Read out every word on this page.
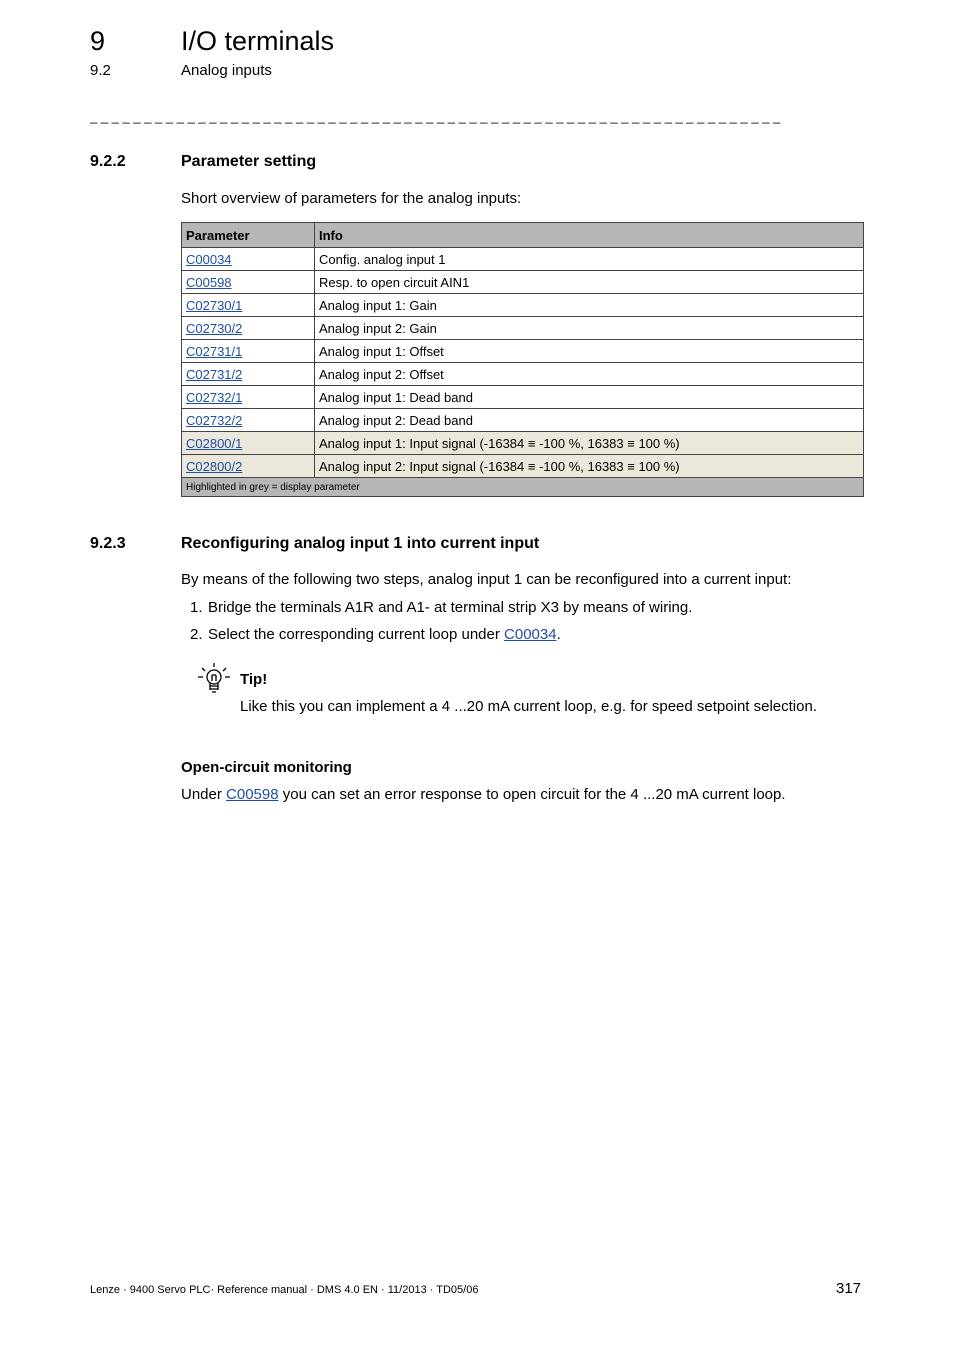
9	I/O terminals
9.2	Analog inputs
_ _ _ _ _ _ _ _ _ _ _ _ _ _ _ _ _ _ _ _ _ _ _ _ _ _ _ _ _ _ _ _ _ _ _ _ _ _ _ _ _ _ _ _ _ _ _ _ _ _ _ _ _ _ _ _ _ _ _ _ _ _ _ _
9.2.2	Parameter setting
Short overview of parameters for the analog inputs:
Parameter	Info
C00034	Config. analog input 1
C00598	Resp. to open circuit AIN1
C02730/1	Analog input 1: Gain
C02730/2	Analog input 2: Gain
C02731/1	Analog input 1: Offset
C02731/2	Analog input 2: Offset
C02732/1	Analog input 1: Dead band
C02732/2	Analog input 2: Dead band
C02800/1	Analog input 1: Input signal (-16384 ≡ -100 %, 16383 ≡ 100 %)
C02800/2	Analog input 2: Input signal (-16384 ≡ -100 %, 16383 ≡ 100 %)
Highlighted in grey = display parameter	
9.2.3	Reconfiguring analog input 1 into current input
By means of the following two steps, analog input 1 can be reconfigured into a current input:
1. Bridge the terminals A1R and A1- at terminal strip X3 by means of wiring.
2. Select the corresponding current loop under C00034.
Tip!
Like this you can implement a 4 ...20 mA current loop, e.g. for speed setpoint selection.
Open-circuit monitoring
Under C00598 you can set an error response to open circuit for the 4 ...20 mA current loop.
Lenze · 9400 Servo PLC· Reference manual · DMS 4.0 EN · 11/2013 · TD05/06	317
